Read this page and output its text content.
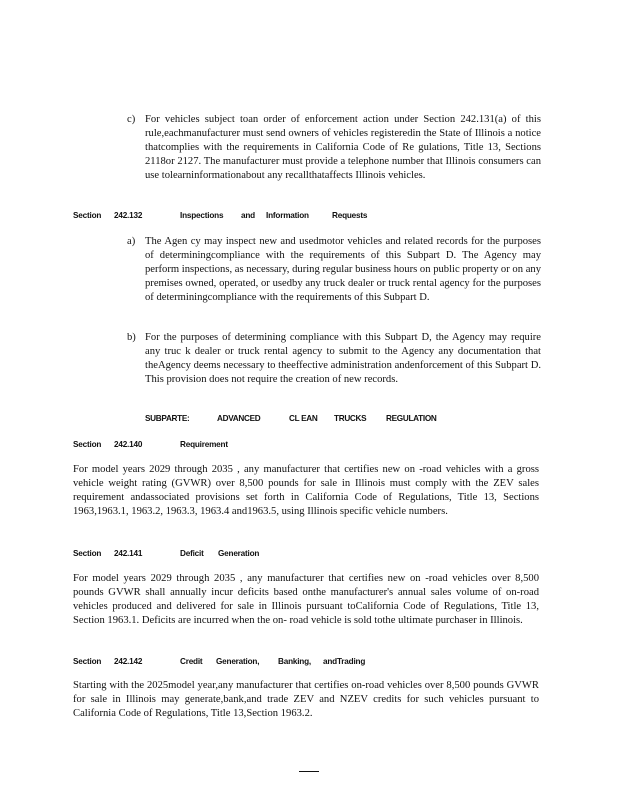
c) For vehicles subject toan order of enforcement action under Section 242.131(a) of this rule,eachmanufacturer must send owners of vehicles registeredin the State of Illinois a notice thatcomplies with the requirements in California Code of Re gulations, Title 13, Sections 2118or 2127. The manufacturer must provide a telephone number that Illinois consumers can use tolearninformationabout any recallthataffects Illinois vehicles.
Section 242.132	Inspections and Information	Requests
a) The Agen cy may inspect new and usedmotor vehicles and related records for the purposes of determiningcompliance with the requirements of this Subpart D. The Agency may perform inspections, as necessary, during regular business hours on public property or on any premises owned, operated, or usedby any truck dealer or truck rental agency for the purposes of determiningcompliance with the requirements of this Subpart D.
b) For the purposes of determining compliance with this Subpart D, the Agency may require any truc k dealer or truck rental agency to submit to the Agency any documentation that theAgency deems necessary to theeffective administration andenforcement of this Subpart D. This provision does not require the creation of new records.
SUBPARTE:	ADVANCED	CL EAN TRUCKS REGULATION
Section 242.140	Requirement
For model years 2029 through 2035 , any manufacturer that certifies new on -road vehicles with a gross vehicle weight rating (GVWR) over 8,500 pounds for sale in Illinois must comply with the ZEV sales requirement andassociated provisions set forth in California Code of Regulations, Title 13, Sections 1963,1963.1, 1963.2, 1963.3, 1963.4 and1963.5, using Illinois specific vehicle numbers.
Section 242.141	Deficit Generation
For model years 2029 through 2035 , any manufacturer that certifies new on -road vehicles over 8,500 pounds GVWR shall annually incur deficits based onthe manufacturer's annual sales volume of on-road vehicles produced and delivered for sale in Illinois pursuant toCalifornia Code of Regulations, Title 13, Section 1963.1. Deficits are incurred when the on- road vehicle is sold tothe ultimate purchaser in Illinois.
Section 242.142	Credit Generation, Banking, andTrading
Starting with the 2025model year,any manufacturer that certifies on-road vehicles over 8,500 pounds GVWR for sale in Illinois may generate,bank,and trade ZEV and NZEV credits for such vehicles pursuant to California Code of Regulations, Title 13,Section 1963.2.
